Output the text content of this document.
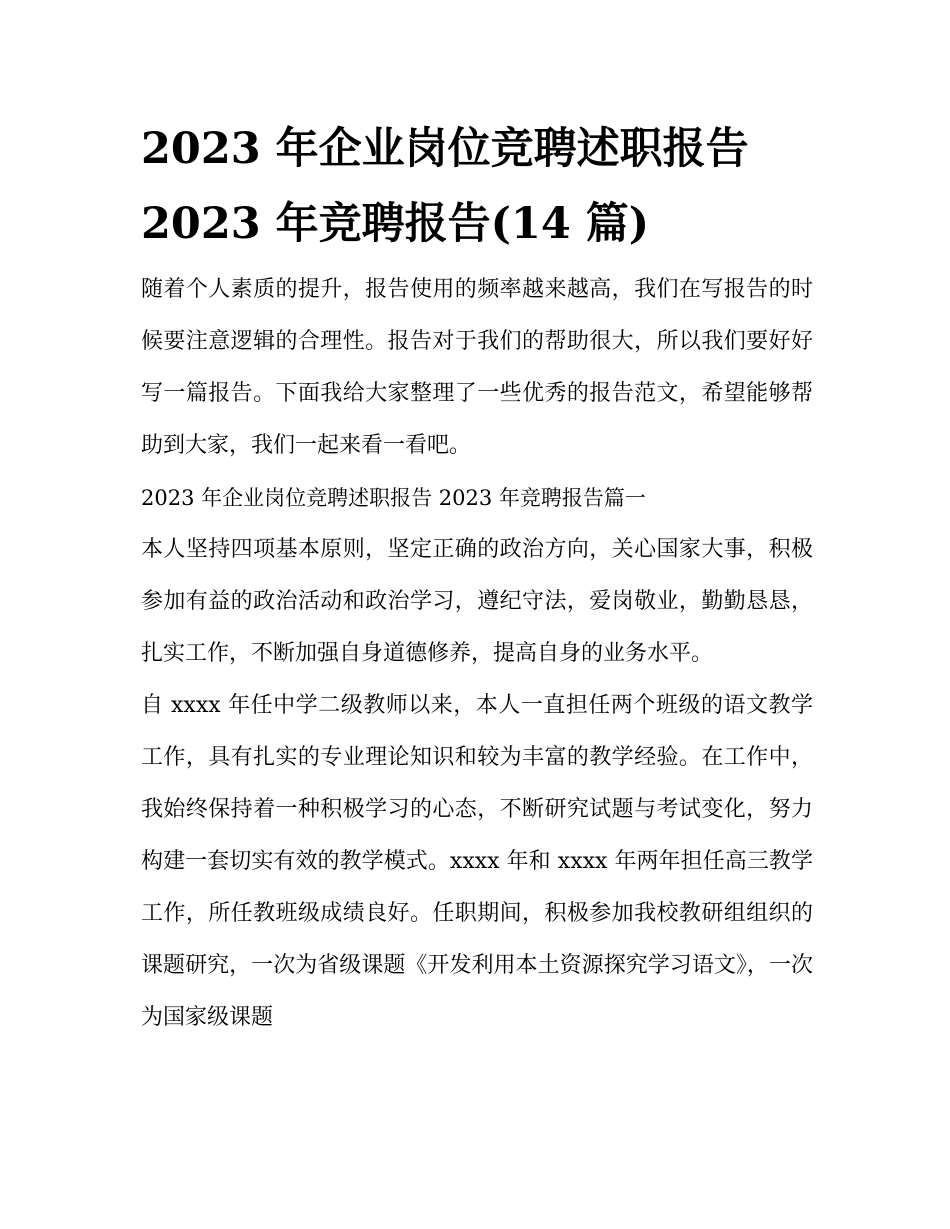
2023 年企业岗位竞聘述职报告
2023 年竞聘报告(14 篇)

随着个人素质的提升，报告使用的频率越来越高，我们在写报告的时候要注意逻辑的合理性。报告对于我们的帮助很大，所以我们要好好写一篇报告。下面我给大家整理了一些优秀的报告范文，希望能够帮助到大家，我们一起来看一看吧。

2023 年企业岗位竞聘述职报告 2023 年竞聘报告篇一

本人坚持四项基本原则，坚定正确的政治方向，关心国家大事，积极参加有益的政治活动和政治学习，遵纪守法，爱岗敬业，勤勤恳恳，扎实工作，不断加强自身道德修养，提高自身的业务水平。

自 xxxx 年任中学二级教师以来，本人一直担任两个班级的语文教学工作，具有扎实的专业理论知识和较为丰富的教学经验。在工作中，我始终保持着一种积极学习的心态，不断研究试题与考试变化，努力构建一套切实有效的教学模式。xxxx 年和 xxxx 年两年担任高三教学工作，所任教班级成绩良好。任职期间，积极参加我校教研组组织的课题研究，一次为省级课题《开发利用本土资源探究学习语文》，一次为国家级课题
